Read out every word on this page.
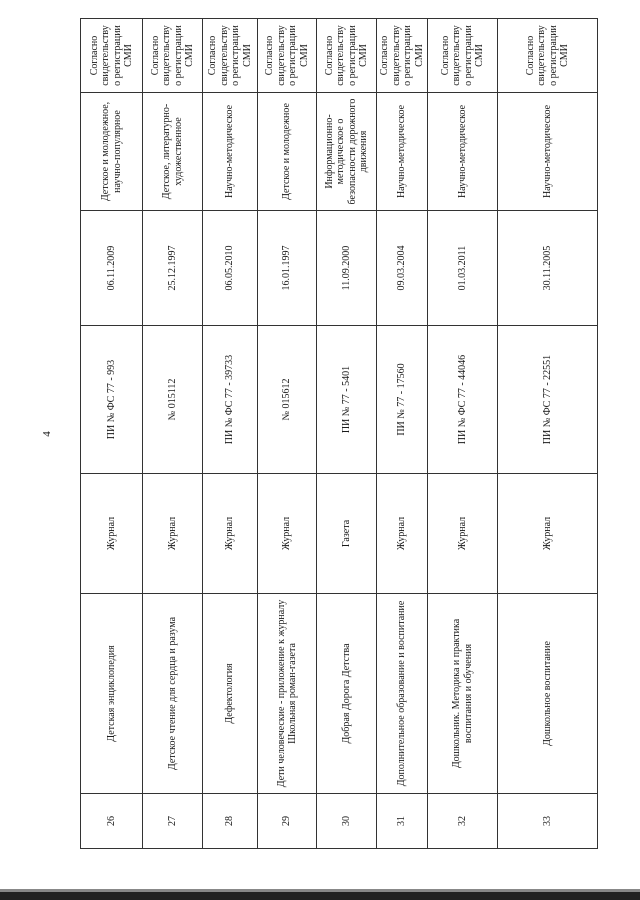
4
26	Детская энциклопедия	Журнал	ПИ № ФС 77 - 993	06.11.2009	Детское и молодежное, научно-популярное	Согласно свидетельству о регистрации СМИ
27	Детское чтение для сердца и разума	Журнал	№ 015112	25.12.1997	Детское, литературно-художественное	Согласно свидетельству о регистрации СМИ
28	Дефектология	Журнал	ПИ № ФС 77 - 39733	06.05.2010	Научно-методическое	Согласно свидетельству о регистрации СМИ
29	Дети человеческие - приложение к журналу Школьная роман-газета	Журнал	№ 015612	16.01.1997	Детское и молодежное	Согласно свидетельству о регистрации СМИ
30	Добрая Дорога Детства	Газета	ПИ № 77 - 5401	11.09.2000	Информационно-методическое о безопасности дорожного движения	Согласно свидетельству о регистрации СМИ
31	Дополнительное образование и воспитание	Журнал	ПИ № 77 - 17560	09.03.2004	Научно-методическое	Согласно свидетельству о регистрации СМИ
32	Дошкольник. Методика и практика воспитания и обучения	Журнал	ПИ № ФС 77 - 44046	01.03.2011	Научно-методическое	Согласно свидетельству о регистрации СМИ
33	Дошкольное воспитание	Журнал	ПИ № ФС 77 - 22551	30.11.2005	Научно-методическое	Согласно свидетельству о регистрации СМИ
